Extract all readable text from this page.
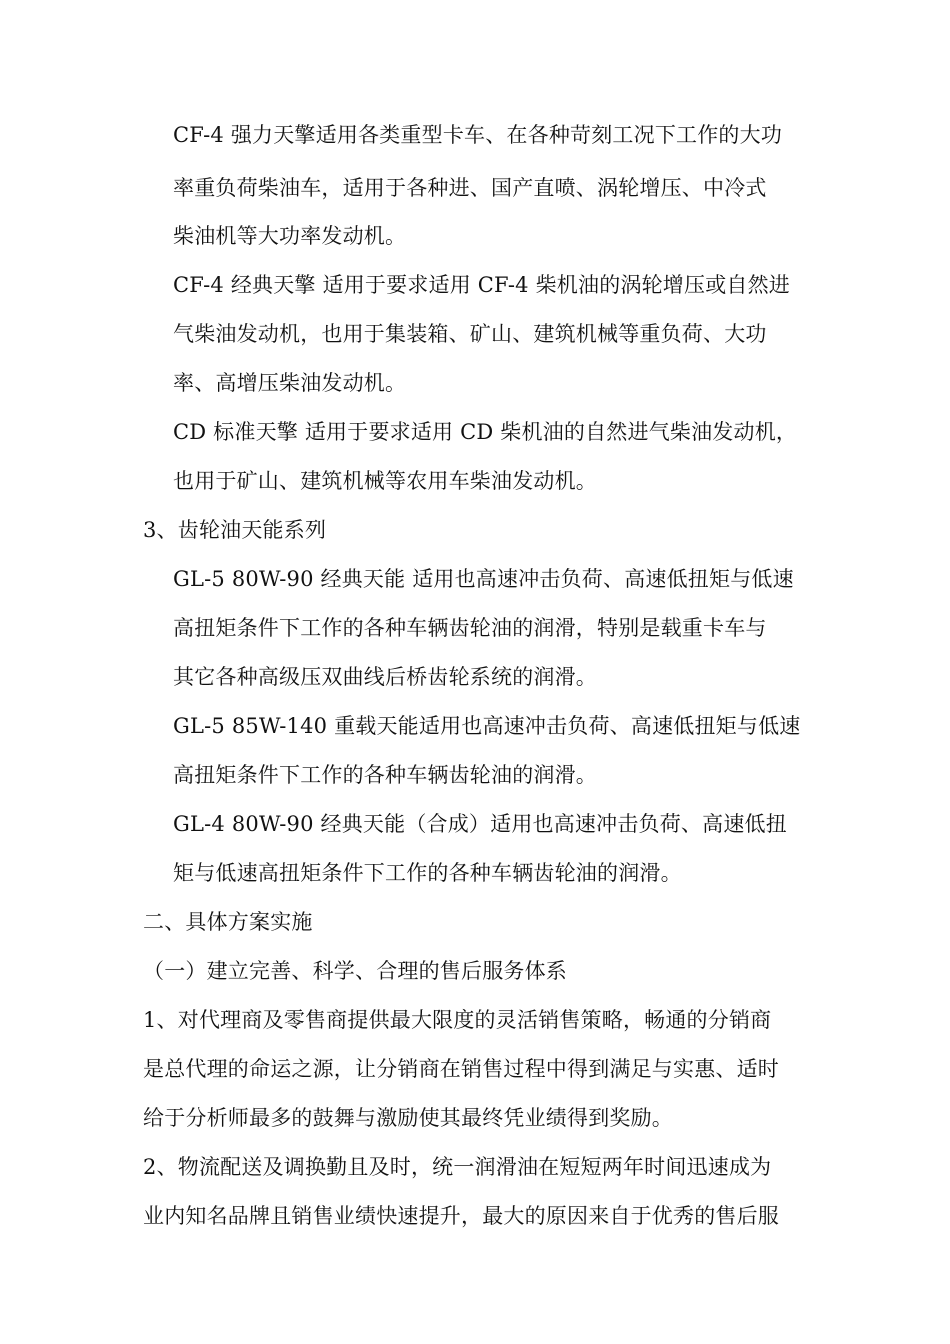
CF-4 强力天擎适用各类重型卡车、在各种苛刻工况下工作的大功
率重负荷柴油车，适用于各种进、国产直喷、涡轮增压、中冷式
柴油机等大功率发动机。
CF-4 经典天擎 适用于要求适用 CF-4 柴机油的涡轮增压或自然进
气柴油发动机，也用于集装箱、矿山、建筑机械等重负荷、大功
率、高增压柴油发动机。
CD 标准天擎 适用于要求适用 CD 柴机油的自然进气柴油发动机，
也用于矿山、建筑机械等农用车柴油发动机。
3、齿轮油天能系列
GL-5 80W-90 经典天能 适用也高速冲击负荷、高速低扭矩与低速
高扭矩条件下工作的各种车辆齿轮油的润滑，特别是载重卡车与
其它各种高级压双曲线后桥齿轮系统的润滑。
GL-5 85W-140 重载天能适用也高速冲击负荷、高速低扭矩与低速
高扭矩条件下工作的各种车辆齿轮油的润滑。
GL-4 80W-90 经典天能（合成）适用也高速冲击负荷、高速低扭
矩与低速高扭矩条件下工作的各种车辆齿轮油的润滑。
二、具体方案实施
（一）建立完善、科学、合理的售后服务体系
1、对代理商及零售商提供最大限度的灵活销售策略，畅通的分销商
是总代理的命运之源，让分销商在销售过程中得到满足与实惠、适时
给于分析师最多的鼓舞与激励使其最终凭业绩得到奖励。
2、物流配送及调换勤且及时，统一润滑油在短短两年时间迅速成为
业内知名品牌且销售业绩快速提升，最大的原因来自于优秀的售后服
